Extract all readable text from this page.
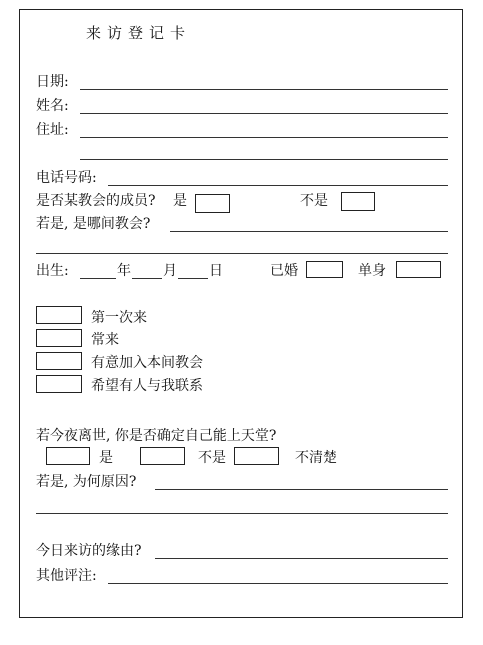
来访登记卡
日期:
姓名:
住址:
电话号码:
是否某教会的成员? 是	不是
若是, 是哪间教会?
出生:	年 月 日	已婚	单身
第一次来
常来
有意加入本间教会
希望有人与我联系
若今夜离世, 你是否确定自己能上天堂?
是	不是	不清楚
若是, 为何原因?
今日来访的缘由?
其他评注:
